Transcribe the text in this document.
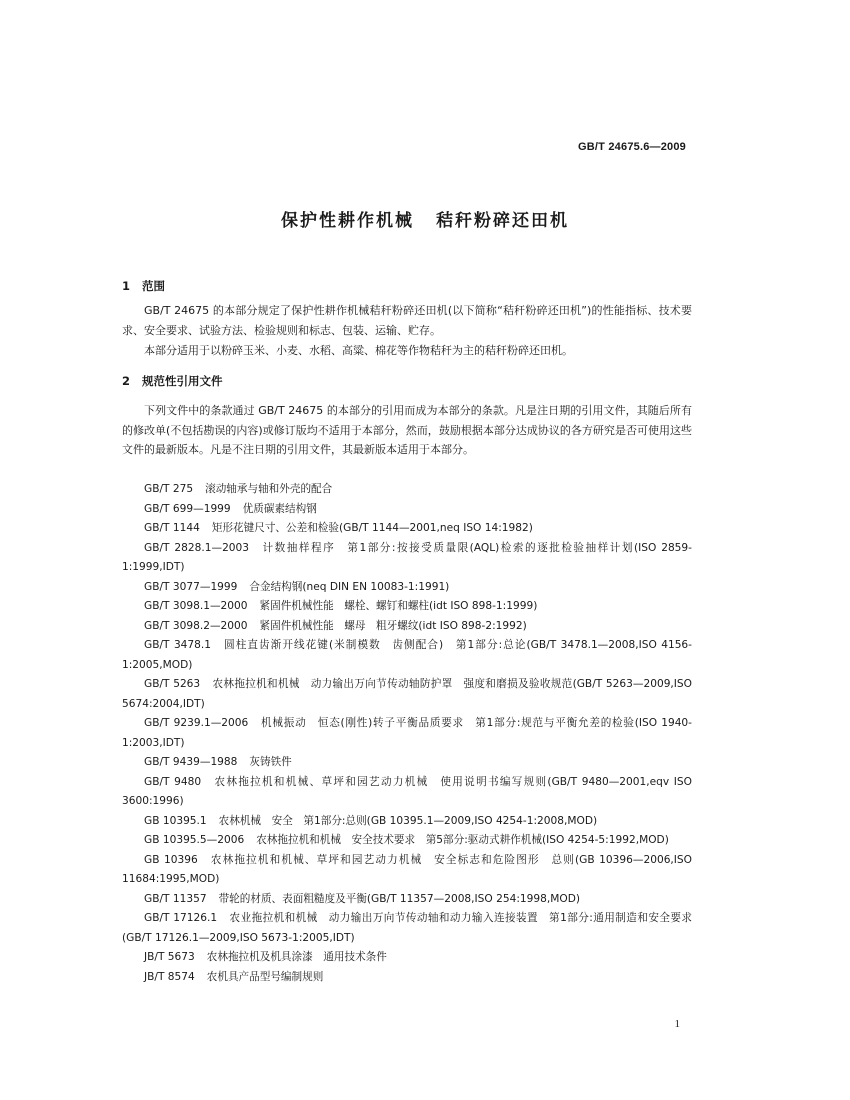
GB/T 24675.6—2009
保护性耕作机械 秸秆粉碎还田机
1 范围

GB/T 24675 的本部分规定了保护性耕作机械秸秆粉碎还田机(以下简称“秸秆粉碎还田机”)的性能指标、技术要求、安全要求、试验方法、检验规则和标志、包装、运输、贮存。

本部分适用于以粉碎玉米、小麦、水稻、高粱、棉花等作物秸秆为主的秸秆粉碎还田机。

2 规范性引用文件

下列文件中的条款通过 GB/T 24675 的本部分的引用而成为本部分的条款。凡是注日期的引用文件，其随后所有的修改单(不包括勘误的内容)或修订版均不适用于本部分，然而，鼓励根据本部分达成协议的各方研究是否可使用这些文件的最新版本。凡是不注日期的引用文件，其最新版本适用于本部分。

GB/T 275 滚动轴承与轴和外壳的配合
GB/T 699—1999 优质碳素结构钢
GB/T 1144 矩形花键尺寸、公差和检验(GB/T 1144—2001,neq ISO 14:1982)
GB/T 2828.1—2003 计数抽样程序　第1部分:按接受质量限(AQL)检索的逐批检验抽样计划(ISO 2859-1:1999,IDT)
GB/T 3077—1999 合金结构钢(neq DIN EN 10083-1:1991)
GB/T 3098.1—2000 紧固件机械性能　螺栓、螺钉和螺柱(idt ISO 898-1:1999)
GB/T 3098.2—2000 紧固件机械性能　螺母　粗牙螺纹(idt ISO 898-2:1992)
GB/T 3478.1 圆柱直齿渐开线花键(米制模数　齿侧配合)　第1部分:总论(GB/T 3478.1—2008,ISO 4156-1:2005,MOD)
GB/T 5263 农林拖拉机和机械　动力输出万向节传动轴防护罩　强度和磨损及验收规范(GB/T 5263—2009,ISO 5674:2004,IDT)
GB/T 9239.1—2006 机械振动　恒态(刚性)转子平衡品质要求　第1部分:规范与平衡允差的检验(ISO 1940-1:2003,IDT)
GB/T 9439—1988 灰铸铁件
GB/T 9480 农林拖拉机和机械、草坪和园艺动力机械　使用说明书编写规则(GB/T 9480—2001,eqv ISO 3600:1996)
GB 10395.1 农林机械　安全　第1部分:总则(GB 10395.1—2009,ISO 4254-1:2008,MOD)
GB 10395.5—2006 农林拖拉机和机械　安全技术要求　第5部分:驱动式耕作机械(ISO 4254-5:1992,MOD)
GB 10396 农林拖拉机和机械、草坪和园艺动力机械　安全标志和危险图形　总则(GB 10396—2006,ISO 11684:1995,MOD)
GB/T 11357 带轮的材质、表面粗糙度及平衡(GB/T 11357—2008,ISO 254:1998,MOD)
GB/T 17126.1 农业拖拉机和机械　动力输出万向节传动轴和动力输入连接装置　第1部分:通用制造和安全要求(GB/T 17126.1—2009,ISO 5673-1:2005,IDT)
JB/T 5673 农林拖拉机及机具涂漆　通用技术条件
JB/T 8574 农机具产品型号编制规则
1
